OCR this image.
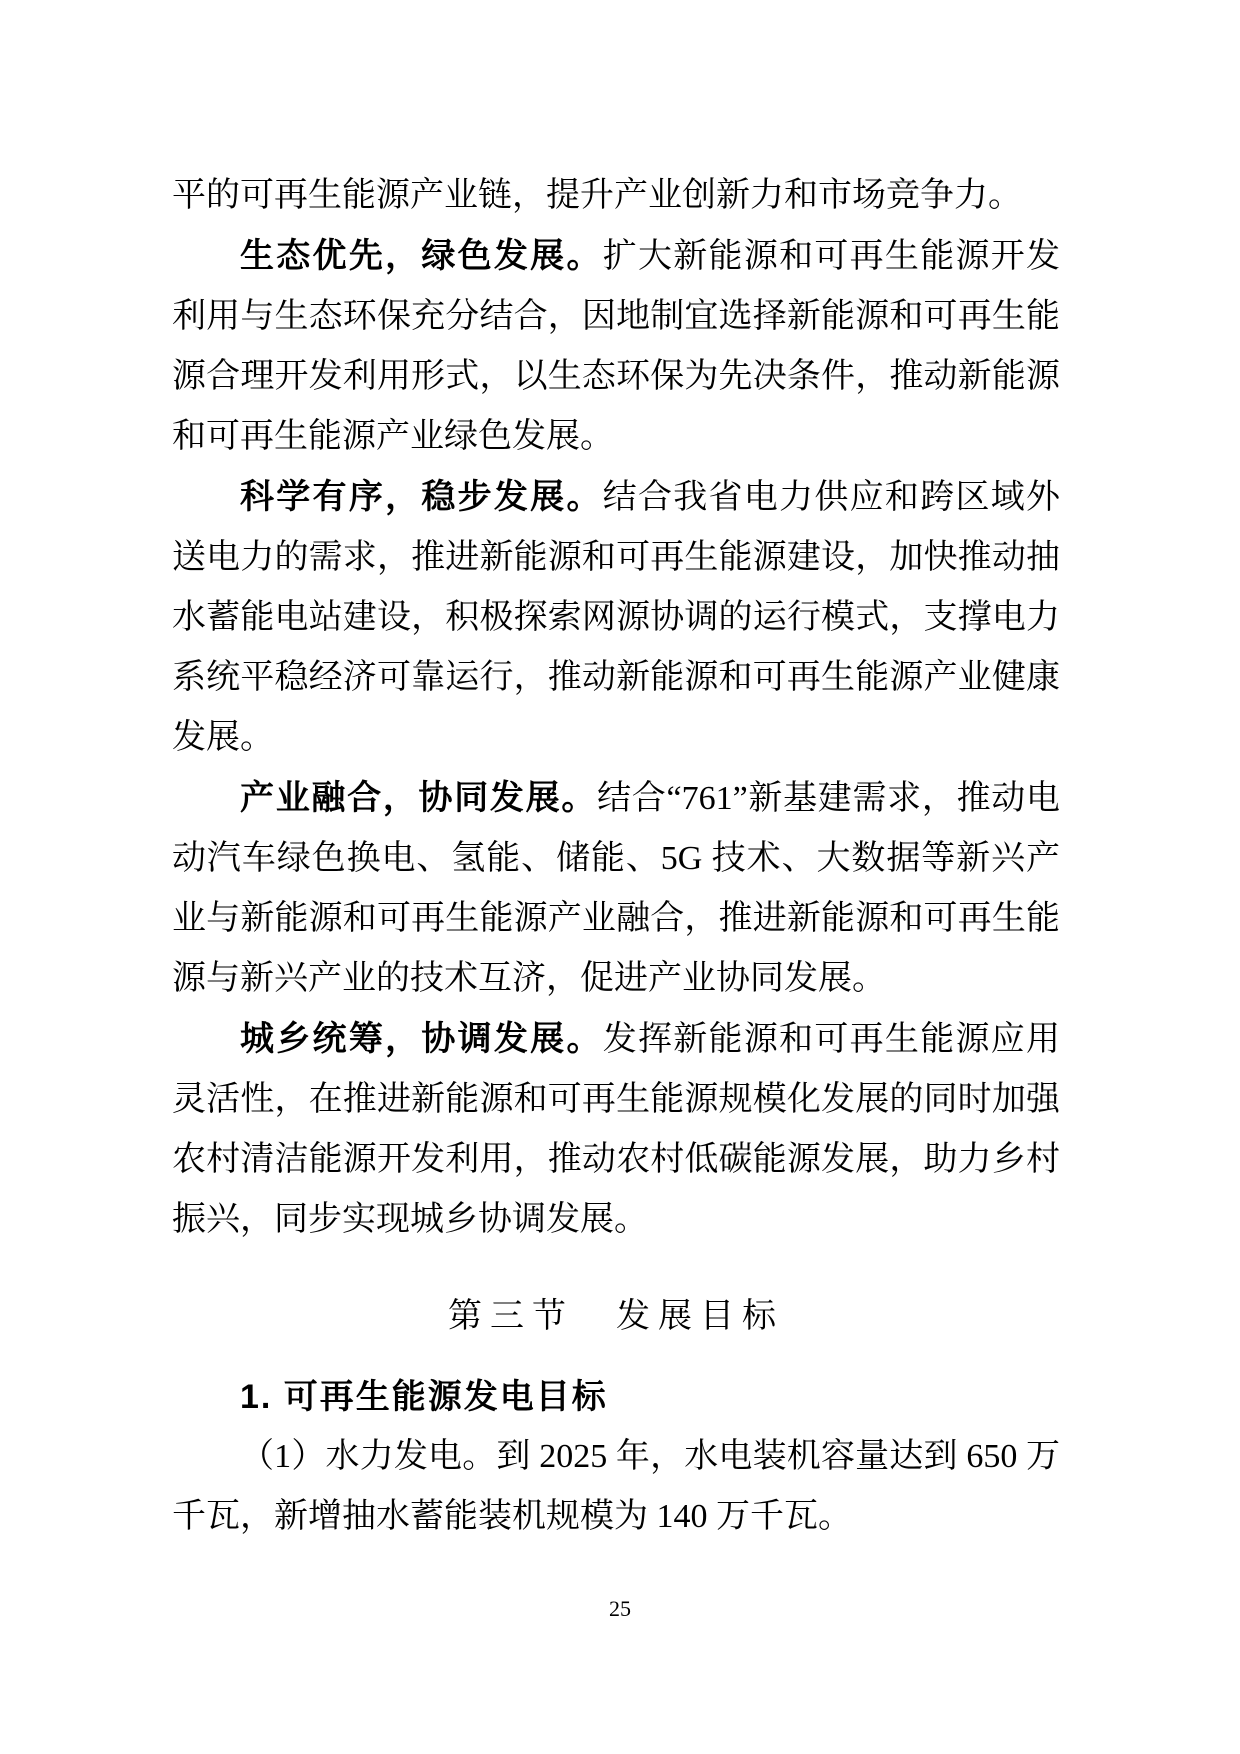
平的可再生能源产业链，提升产业创新力和市场竞争力。

生态优先，绿色发展。扩大新能源和可再生能源开发利用与生态环保充分结合，因地制宜选择新能源和可再生能源合理开发利用形式，以生态环保为先决条件，推动新能源和可再生能源产业绿色发展。

科学有序，稳步发展。结合我省电力供应和跨区域外送电力的需求，推进新能源和可再生能源建设，加快推动抽水蓄能电站建设，积极探索网源协调的运行模式，支撑电力系统平稳经济可靠运行，推动新能源和可再生能源产业健康发展。

产业融合，协同发展。结合“761”新基建需求，推动电动汽车绿色换电、氢能、储能、5G 技术、大数据等新兴产业与新能源和可再生能源产业融合，推进新能源和可再生能源与新兴产业的技术互济，促进产业协同发展。

城乡统筹，协调发展。发挥新能源和可再生能源应用灵活性，在推进新能源和可再生能源规模化发展的同时加强农村清洁能源开发利用，推动农村低碳能源发展，助力乡村振兴，同步实现城乡协调发展。

第三节　发展目标
1. 可再生能源发电目标

（1）水力发电。到 2025 年，水电装机容量达到 650 万千瓦，新增抽水蓄能装机规模为 140 万千瓦。

25
